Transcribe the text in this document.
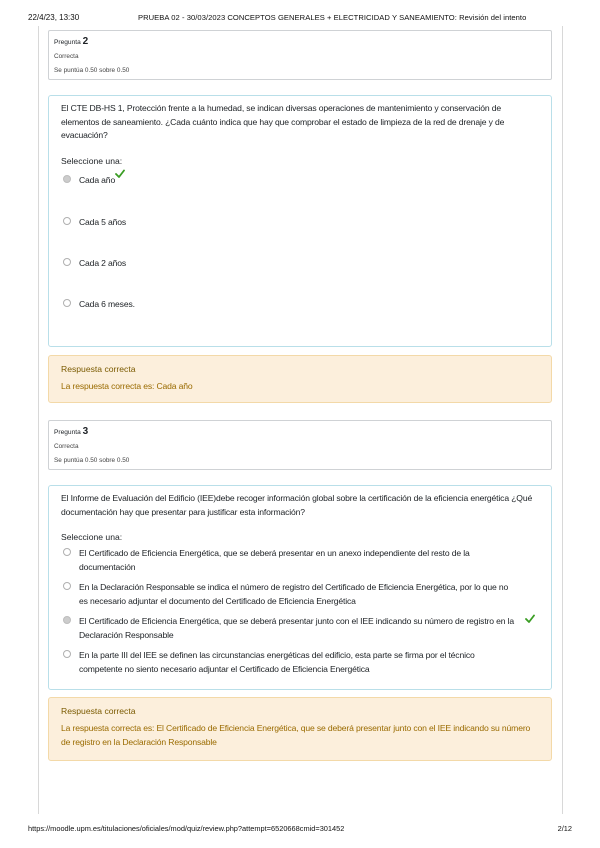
22/4/23, 13:30	PRUEBA 02 - 30/03/2023 CONCEPTOS GENERALES + ELECTRICIDAD Y SANEAMIENTO: Revisión del intento
Pregunta 2
Correcta
Se puntúa 0.50 sobre 0.50
El CTE DB-HS 1, Protección frente a la humedad, se indican diversas operaciones de mantenimiento y conservación de elementos de saneamiento. ¿Cada cuánto indica que hay que comprobar el estado de limpieza de la red de drenaje y de evacuación?
Seleccione una:
Cada año
Cada 5 años
Cada 2 años
Cada 6 meses.
Respuesta correcta
La respuesta correcta es: Cada año
Pregunta 3
Correcta
Se puntúa 0.50 sobre 0.50
El Informe de Evaluación del Edificio (IEE)debe recoger información global sobre la certificación de la eficiencia energética ¿Qué documentación hay que presentar para justificar esta información?
Seleccione una:
El Certificado de Eficiencia Energética, que se deberá presentar en un anexo independiente del resto de la documentación
En la Declaración Responsable se indica el número de registro del Certificado de Eficiencia Energética, por lo que no es necesario adjuntar el documento del Certificado de Eficiencia Energética
El Certificado de Eficiencia Energética, que se deberá presentar junto con el IEE indicando su número de registro en la Declaración Responsable
En la parte III del IEE se definen las circunstancias energéticas del edificio, esta parte se firma por el técnico competente no siento necesario adjuntar el Certificado de Eficiencia Energética
Respuesta correcta
La respuesta correcta es: El Certificado de Eficiencia Energética, que se deberá presentar junto con el IEE indicando su número de registro en la Declaración Responsable
https://moodle.upm.es/titulaciones/oficiales/mod/quiz/review.php?attempt=6520668cmid=301452	2/12
